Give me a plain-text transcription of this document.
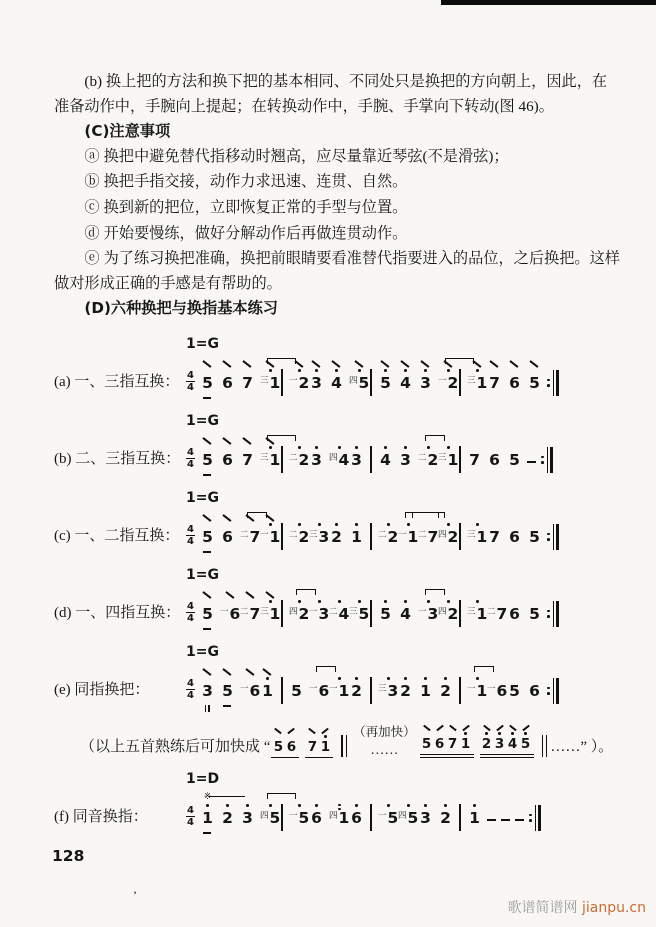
(b) 换上把的方法和换下把的基本相同、不同处只是换把的方向朝上，因此，在准备动作中，手腕向上提起；在转换动作中，手腕、手掌向下转动(图 46)。

(C)注意事项

ⓐ 换把中避免替代指移动时翘高，应尽量靠近琴弦(不是滑弦)；

ⓑ 换把手指交接，动作力求迅速、连贯、自然。

ⓒ 换到新的把位，立即恢复正常的手型与位置。

ⓓ 开始要慢练，做好分解动作后再做连贯动作。

ⓔ 为了练习换把准确，换把前眼睛要看准替代指要进入的品位，之后换把。这样做对形成正确的手感是有帮助的。

(D)六种换把与换指基本练习

1=G
(a) 一、三指互换： $\frac{4}{4} 5$ 6 7 三 1 一 2 3 4 四 5 5 4 3 一 2 三 1 7 6 5
1=G
(b) 二、三指互换： $\frac{4}{4} 5$ 6 7 三 1 二 2 3 四 4 3 4 3 二 2 三 1 7 6 5
1=G
(c) 一、二指互换： $\frac{4}{4} 5$ 6 二 7 一 1 二 2 三 3 2 1 二 2 一 1 二 7 四 2 三 1 7 6 5
1=G
(d) 一、四指互换： $\frac{4}{4} 5$ 一 6 二 7 三 1 四 2 一 3 二 4 三 5 5 4 一 3 四 2 三 1 二 7 6 5
1=G
(e) 同指换把：	$\frac{4}{4} 3$ 5 一 6 1 5 一 6 一 1 2 三 3 2 1 2 一 1 一 6 5 6
（以上五首熟练后可加快成 “ 5 6 7 1
（再加快）
…… 5 6 7 1 2 3 4 5 …… ” ）。
1=D
(f) 同音换指：	$\frac{4}{4}$
※
1 2 3 四 5 一 5 6 四 1 6 一 5 四 5 3 2 1
128
’
歌谱简谱网 jianpu.cn
